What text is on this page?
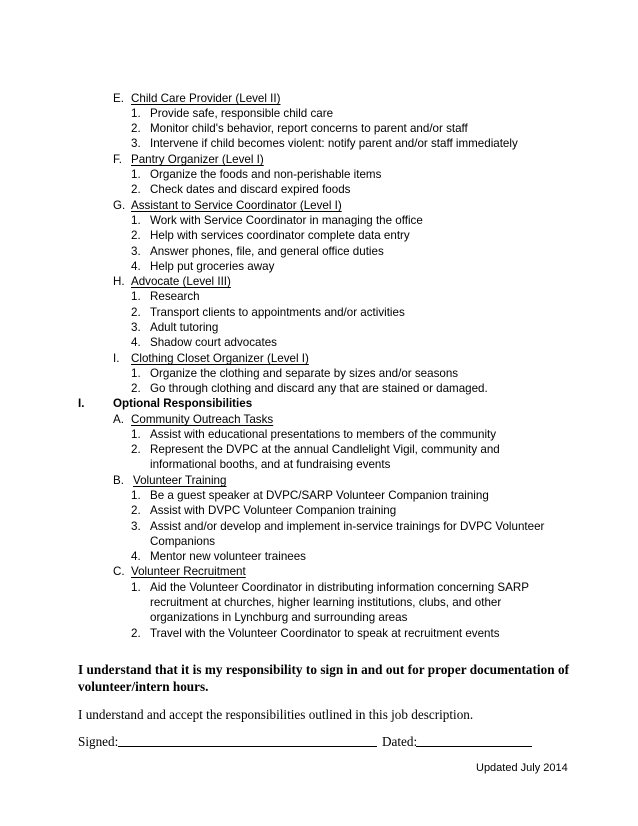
E. Child Care Provider (Level II)
1. Provide safe, responsible child care
2. Monitor child's behavior, report concerns to parent and/or staff
3. Intervene if child becomes violent: notify parent and/or staff immediately
F. Pantry Organizer (Level I)
1. Organize the foods and non-perishable items
2. Check dates and discard expired foods
G. Assistant to Service Coordinator (Level I)
1. Work with Service Coordinator in managing the office
2. Help with services coordinator complete data entry
3. Answer phones, file, and general office duties
4. Help put groceries away
H. Advocate (Level III)
1. Research
2. Transport clients to appointments and/or activities
3. Adult tutoring
4. Shadow court advocates
I. Clothing Closet Organizer (Level I)
1. Organize the clothing and separate by sizes and/or seasons
2. Go through clothing and discard any that are stained or damaged.
I. Optional Responsibilities
A. Community Outreach Tasks
1. Assist with educational presentations to members of the community
2. Represent the DVPC at the annual Candlelight Vigil, community and
informational booths, and at fundraising events
B. Volunteer Training
1. Be a guest speaker at DVPC/SARP Volunteer Companion training
2. Assist with DVPC Volunteer Companion training
3. Assist and/or develop and implement in-service trainings for DVPC Volunteer
Companions
4. Mentor new volunteer trainees
C. Volunteer Recruitment
1. Aid the Volunteer Coordinator in distributing information concerning SARP
recruitment at churches, higher learning institutions, clubs, and other
organizations in Lynchburg and surrounding areas
2. Travel with the Volunteer Coordinator to speak at recruitment events
I understand that it is my responsibility to sign in and out for proper documentation of
volunteer/intern hours.
I understand and accept the responsibilities outlined in this job description.
Signed:	Dated:
Updated July 2014
